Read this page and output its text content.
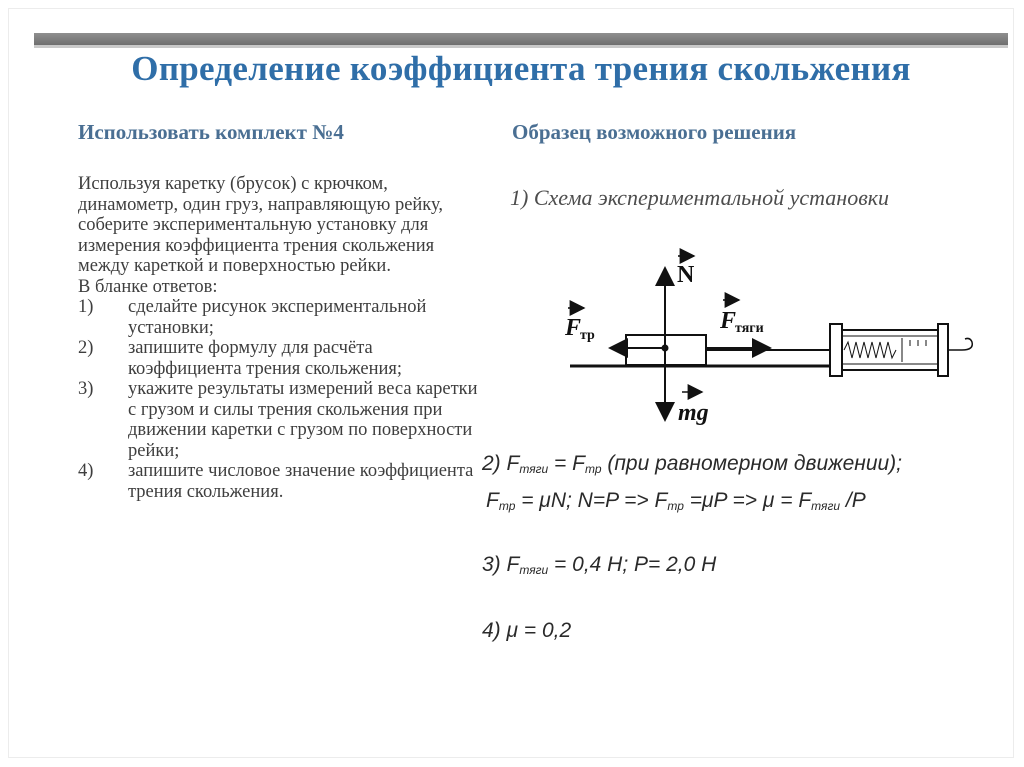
Определение коэффициента трения скольжения
Использовать комплект №4	Образец возможного решения

Используя каретку (брусок) с крючком, динамометр, один груз, направляющую рейку, соберите экспериментальную установку для измерения коэффициента трения скольжения между кареткой и поверхностью рейки.

В бланке ответов:

1) сделайте рисунок экспериментальной установки;
2) запишите формулу для расчёта коэффициента трения скольжения;
3) укажите результаты измерений веса каретки с грузом и силы трения скольжения при движении каретки с грузом по поверхности рейки;
4) запишите числовое значение коэффициента трения скольжения.
1) Схема экспериментальной установки
N
F
тр
F
тяги
mg
2) $F_{тяги} = F_{тр}$ (при равномерном движении);
$F_{тр} = \mu N$; $N=P => F_{тр} =\mu P => \mu = F_{тяги}$ /P
3) $F_{тяги} = 0,4$ Н; P= 2,0 Н
4) μ = 0,2
